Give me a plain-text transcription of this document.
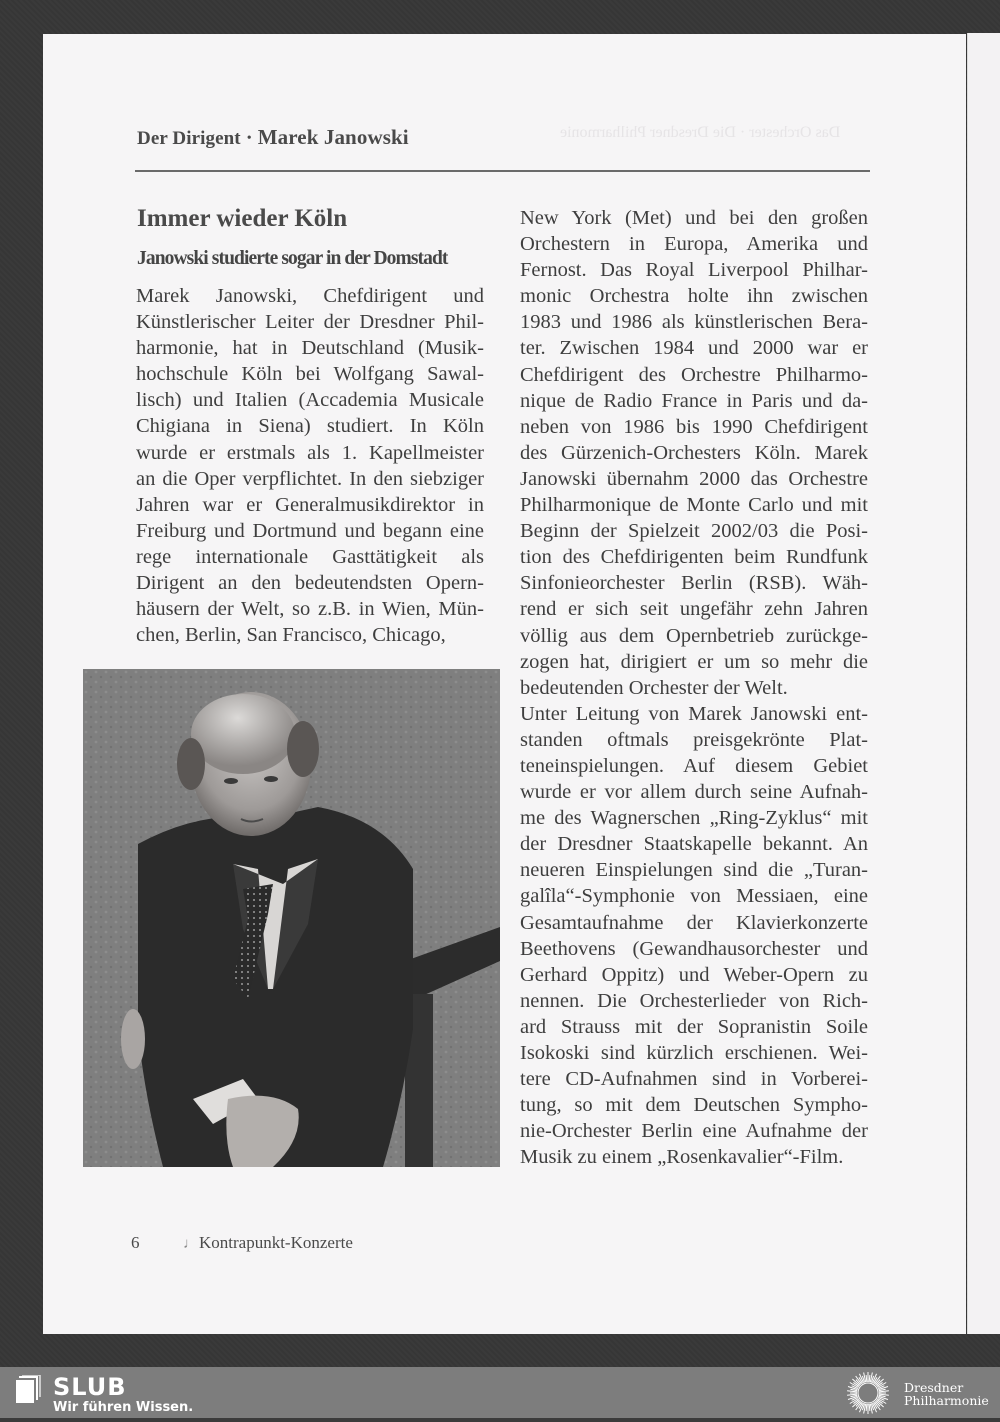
Das Orchester · Die Dresdner Philharmonie
Der Dirigent • Marek Janowski
Immer wieder Köln
Janowski studierte sogar in der Domstadt
Marek Janowski, Chefdirigent und
Künstlerischer Leiter der Dresdner Phil-
harmonie, hat in Deutschland (Musik-
hochschule Köln bei Wolfgang Sawal-
lisch) und Italien (Accademia Musicale
Chigiana in Siena) studiert. In Köln
wurde er erstmals als 1. Kapellmeister
an die Oper verpflichtet. In den siebziger
Jahren war er Generalmusikdirektor in
Freiburg und Dortmund und begann eine
rege internationale Gasttätigkeit als
Dirigent an den bedeutendsten Opern-
häusern der Welt, so z.B. in Wien, Mün-
chen, Berlin, San Francisco, Chicago,
New York (Met) und bei den großen
Orchestern in Europa, Amerika und
Fernost. Das Royal Liverpool Philhar-
monic Orchestra holte ihn zwischen
1983 und 1986 als künstlerischen Bera-
ter. Zwischen 1984 und 2000 war er
Chefdirigent des Orchestre Philharmo-
nique de Radio France in Paris und da-
neben von 1986 bis 1990 Chefdirigent
des Gürzenich-Orchesters Köln. Marek
Janowski übernahm 2000 das Orchestre
Philharmonique de Monte Carlo und mit
Beginn der Spielzeit 2002/03 die Posi-
tion des Chefdirigenten beim Rundfunk
Sinfonieorchester Berlin (RSB). Wäh-
rend er sich seit ungefähr zehn Jahren
völlig aus dem Opernbetrieb zurückge-
zogen hat, dirigiert er um so mehr die
bedeutenden Orchester der Welt.
Unter Leitung von Marek Janowski ent-
standen oftmals preisgekrönte Plat-
teneinspielungen. Auf diesem Gebiet
wurde er vor allem durch seine Aufnah-
me des Wagnerschen „Ring-Zyklus“ mit
der Dresdner Staatskapelle bekannt. An
neueren Einspielungen sind die „Turan-
galîla“-Symphonie von Messiaen, eine
Gesamtaufnahme der Klavierkonzerte
Beethovens (Gewandhausorchester und
Gerhard Oppitz) und Weber-Opern zu
nennen. Die Orchesterlieder von Rich-
ard Strauss mit der Sopranistin Soile
Isokoski sind kürzlich erschienen. Wei-
tere CD-Aufnahmen sind in Vorberei-
tung, so mit dem Deutschen Sympho-
nie-Orchester Berlin eine Aufnahme der
Musik zu einem „Rosenkavalier“-Film.
6	♩Kontrapunkt-Konzerte
SLUB
Wir führen Wissen.
Dresdner
Philharmonie
